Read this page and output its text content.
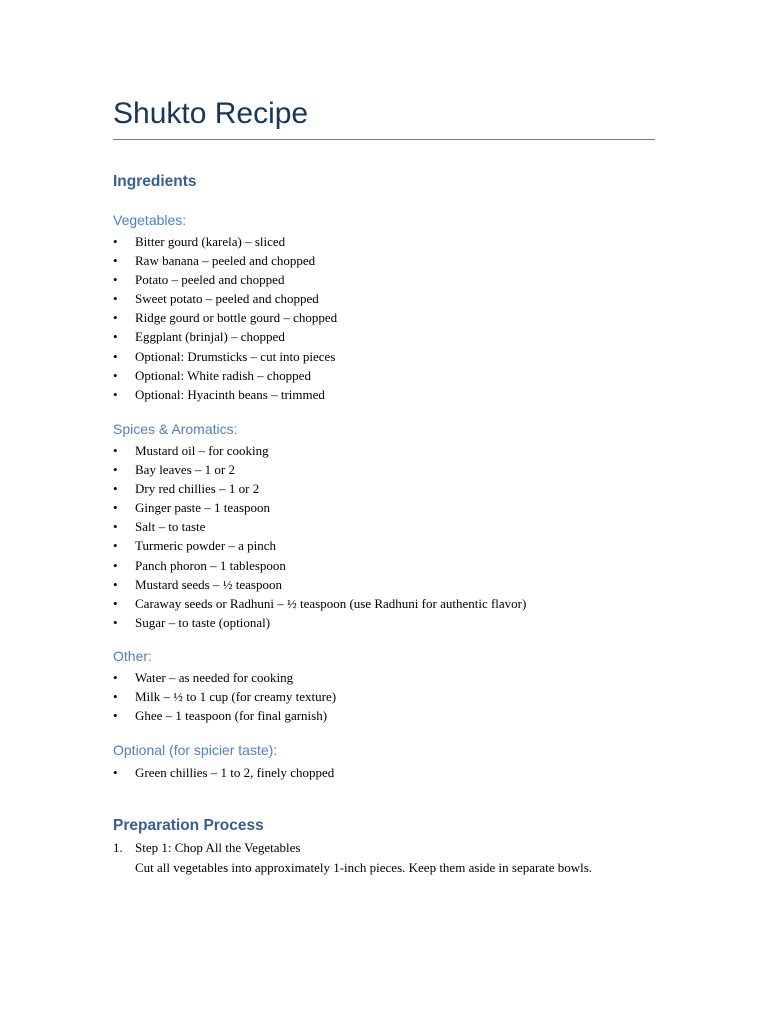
Shukto Recipe
Ingredients
Vegetables:
• Bitter gourd (karela) – sliced
• Raw banana – peeled and chopped
• Potato – peeled and chopped
• Sweet potato – peeled and chopped
• Ridge gourd or bottle gourd – chopped
• Eggplant (brinjal) – chopped
• Optional: Drumsticks – cut into pieces
• Optional: White radish – chopped
• Optional: Hyacinth beans – trimmed
Spices & Aromatics:
• Mustard oil – for cooking
• Bay leaves – 1 or 2
• Dry red chillies – 1 or 2
• Ginger paste – 1 teaspoon
• Salt – to taste
• Turmeric powder – a pinch
• Panch phoron – 1 tablespoon
• Mustard seeds – ½ teaspoon
• Caraway seeds or Radhuni – ½ teaspoon (use Radhuni for authentic flavor)
• Sugar – to taste (optional)
Other:
• Water – as needed for cooking
• Milk – ½ to 1 cup (for creamy texture)
• Ghee – 1 teaspoon (for final garnish)
Optional (for spicier taste):
• Green chillies – 1 to 2, finely chopped
Preparation Process
1. Step 1: Chop All the Vegetables
Cut all vegetables into approximately 1-inch pieces. Keep them aside in separate bowls.
